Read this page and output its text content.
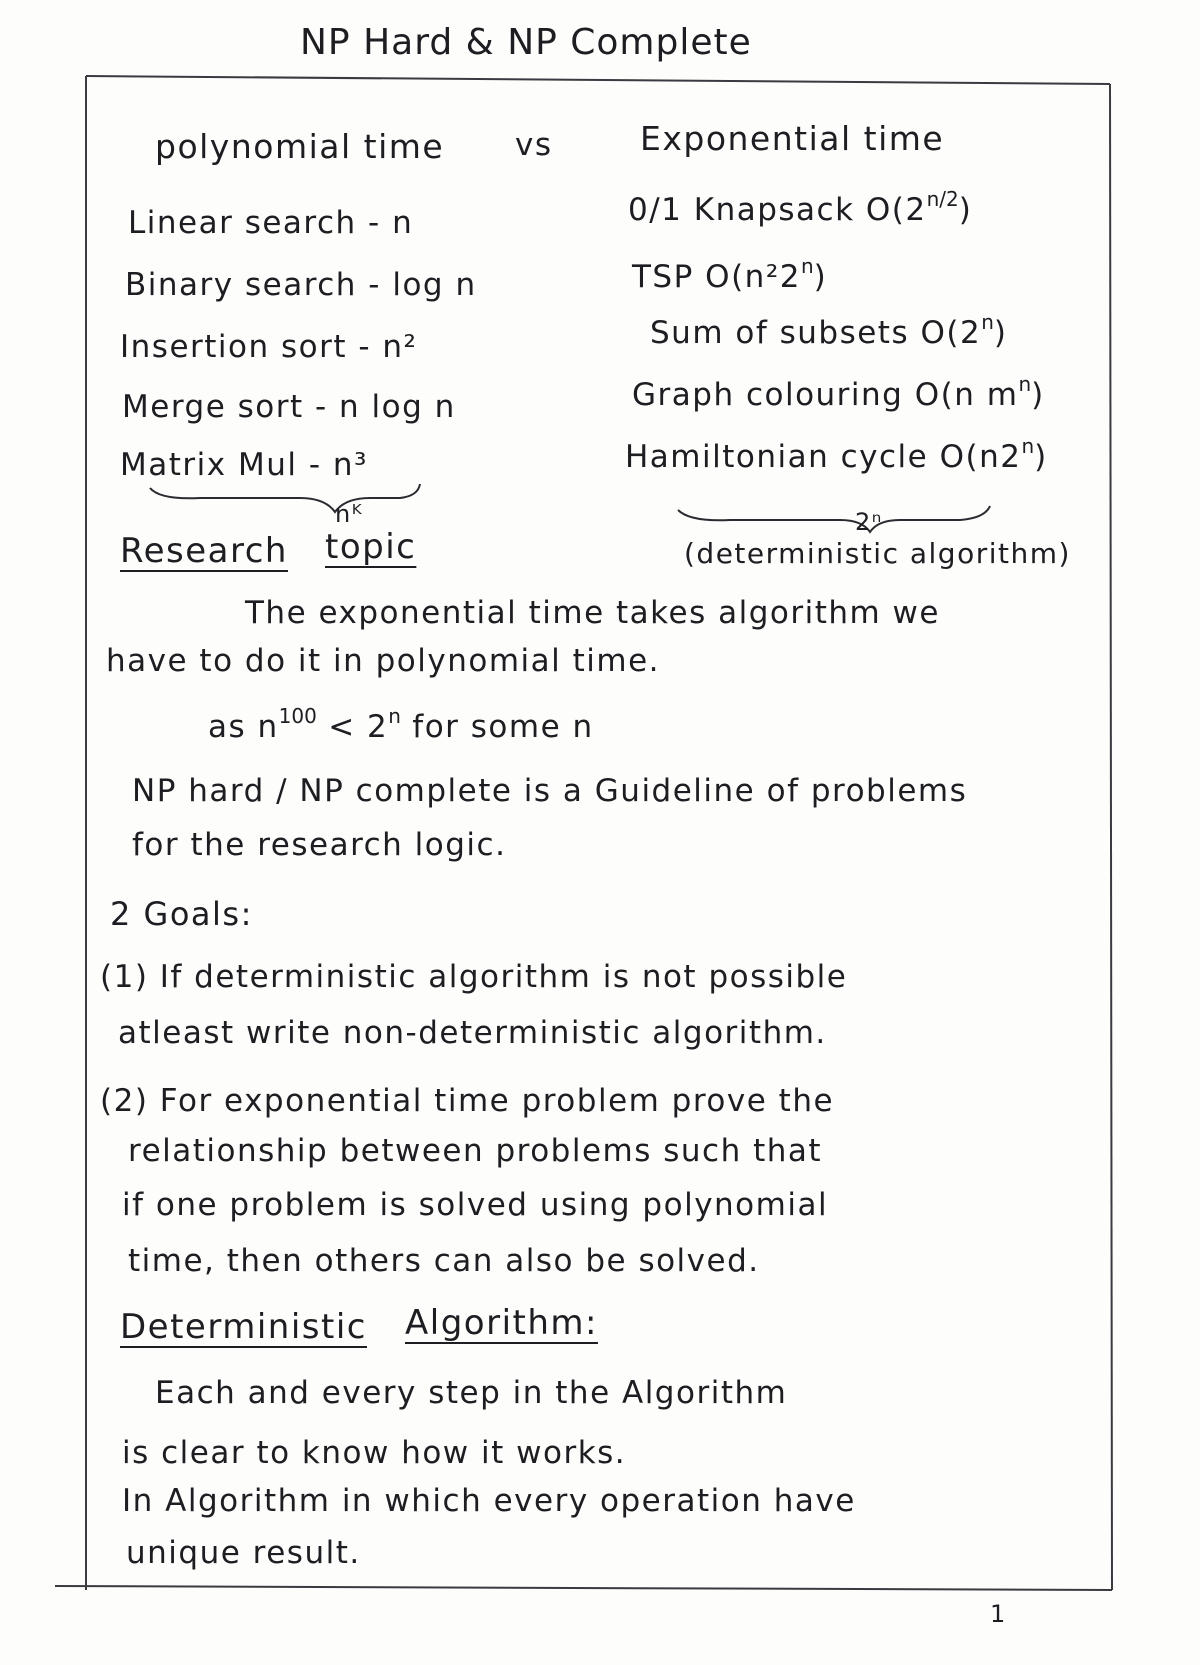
NP Hard & NP Complete
polynomial time vs	Exponential time
Linear search - n
Binary search - log n
Insertion sort - n²
Merge sort - n log n
Matrix Mul - n³
0/1 Knapsack $O(2^{n/2})$
TSP O(n²2$^n$)
Sum of subsets O(2$^n$)
Graph colouring O(n $m^n$)
Hamiltonian cycle O(n2$^n$)
nᴷ	2ⁿ
(deterministic algorithm)
Research topic
The exponential time takes algorithm we
have to do it in polynomial time.
as $n^{100} < 2^n$ for some n
NP hard / NP complete is a Guideline of problems
for the research logic.
2 Goals:
(1) If deterministic algorithm is not possible
atleast write non-deterministic algorithm.
(2) For exponential time problem prove the
relationship between problems such that
if one problem is solved using polynomial
time, then others can also be solved.
Deterministic Algorithm:
Each and every step in the Algorithm
is clear to know how it works.
In Algorithm in which every operation have
unique result.
1
